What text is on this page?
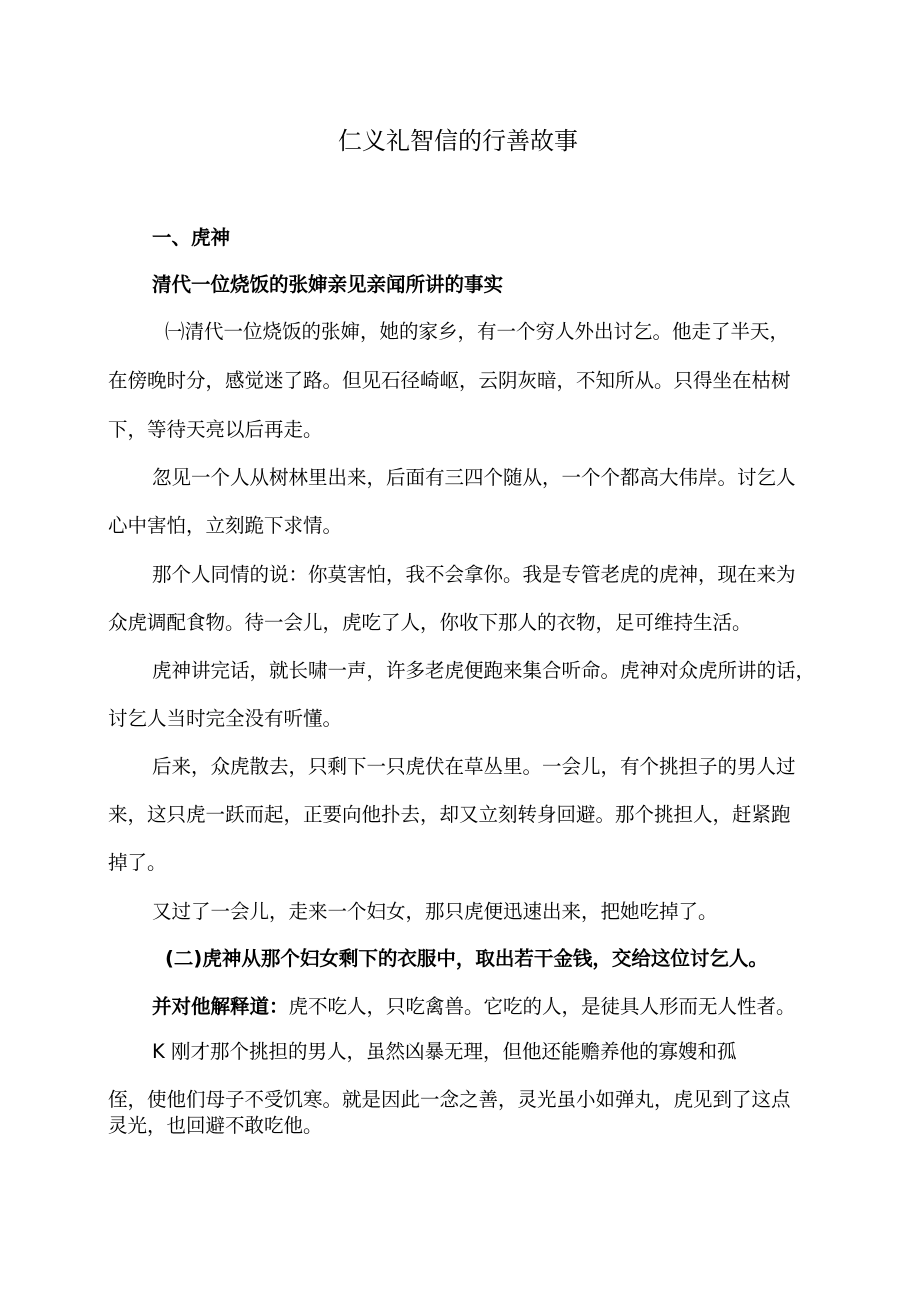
仁义礼智信的行善故事
一、虎神
清代一位烧饭的张婶亲见亲闻所讲的事实
㈠清代一位烧饭的张婶，她的家乡，有一个穷人外出讨乞。他走了半天，
在傍晚时分，感觉迷了路。但见石径崎岖，云阴灰暗，不知所从。只得坐在枯树
下，等待天亮以后再走。
忽见一个人从树林里出来，后面有三四个随从，一个个都高大伟岸。讨乞人
心中害怕，立刻跪下求情。
那个人同情的说：你莫害怕，我不会拿你。我是专管老虎的虎神，现在来为
众虎调配食物。待一会儿，虎吃了人，你收下那人的衣物，足可维持生活。
虎神讲完话，就长啸一声，许多老虎便跑来集合听命。虎神对众虎所讲的话，
讨乞人当时完全没有听懂。
后来，众虎散去，只剩下一只虎伏在草丛里。一会儿，有个挑担子的男人过
来，这只虎一跃而起，正要向他扑去，却又立刻转身回避。那个挑担人，赶紧跑
掉了。
又过了一会儿，走来一个妇女，那只虎便迅速出来，把她吃掉了。
(二)虎神从那个妇女剩下的衣服中，取出若干金钱，交给这位讨乞人。
并对他解释道：虎不吃人，只吃禽兽。它吃的人，是徒具人形而无人性者。
K 刚才那个挑担的男人，虽然凶暴无理，但他还能赡养他的寡嫂和孤
侄，使他们母子不受饥寒。就是因此一念之善，灵光虽小如弹丸，虎见到了这点
灵光，也回避不敢吃他。
